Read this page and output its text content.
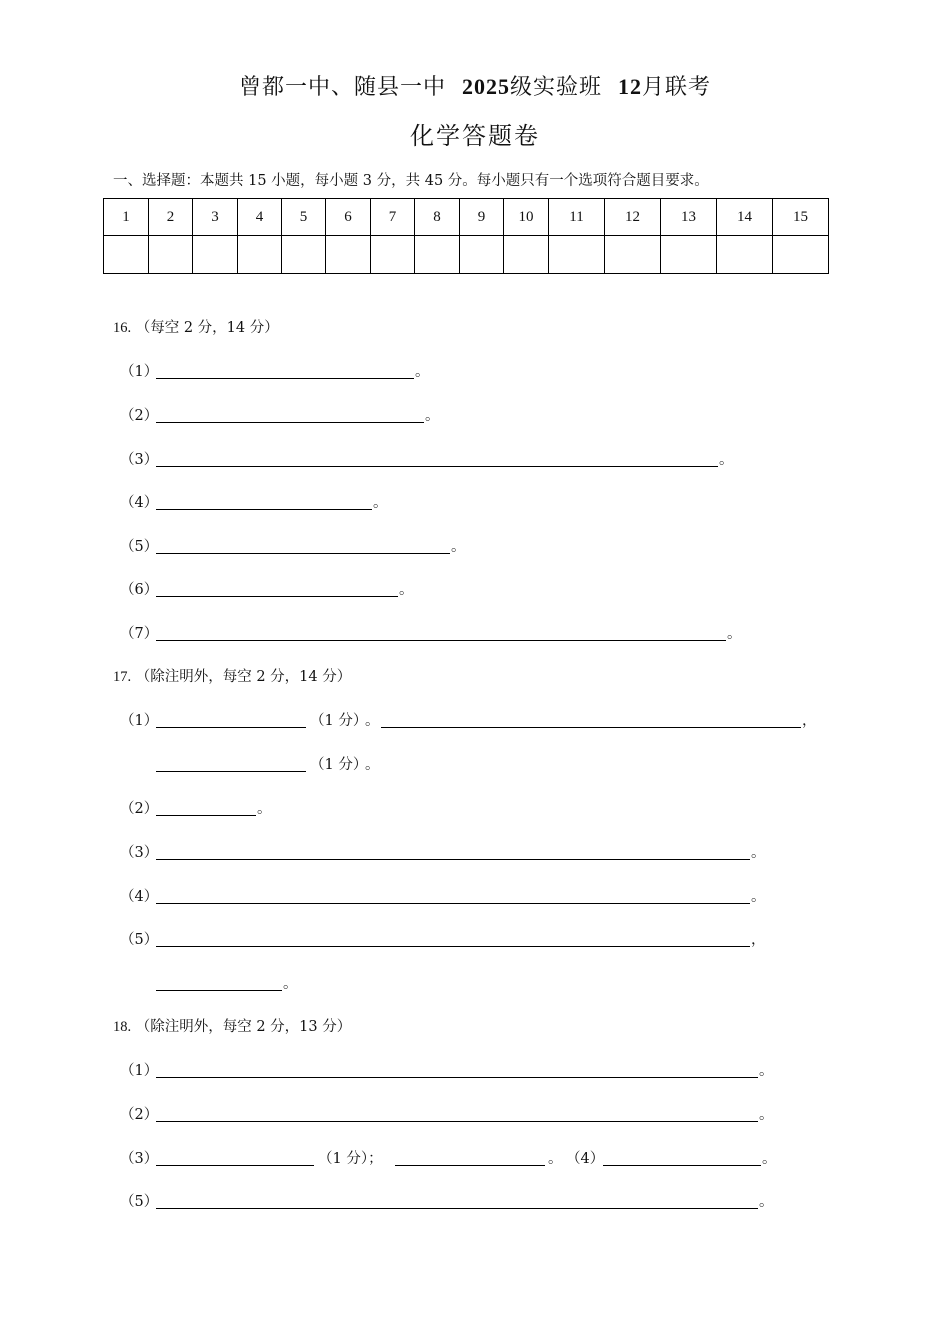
曾都一中、随县一中 2025级实验班 12月联考
化学答题卷
一、选择题：本题共 15 小题，每小题 3 分，共 45 分。每小题只有一个选项符合题目要求。
1	2	3	4	5	6	7	8	9	10	11	12	13	14	15

16. （每空 2 分，14 分）
（1）	。
（2）	。
（3）	。
（4）	。
（5）	。
（6）	。
（7）	。
17. （除注明外，每空 2 分，14 分）
（1）	（1 分）
。	，
（1 分）
。
（2）	。
（3）	。
（4）	。
（5）	，
。
18. （除注明外，每空 2 分，13 分）
（1）	。
（2）	。
（3）	（1 分）；	。 （4）	。
（5）	。
